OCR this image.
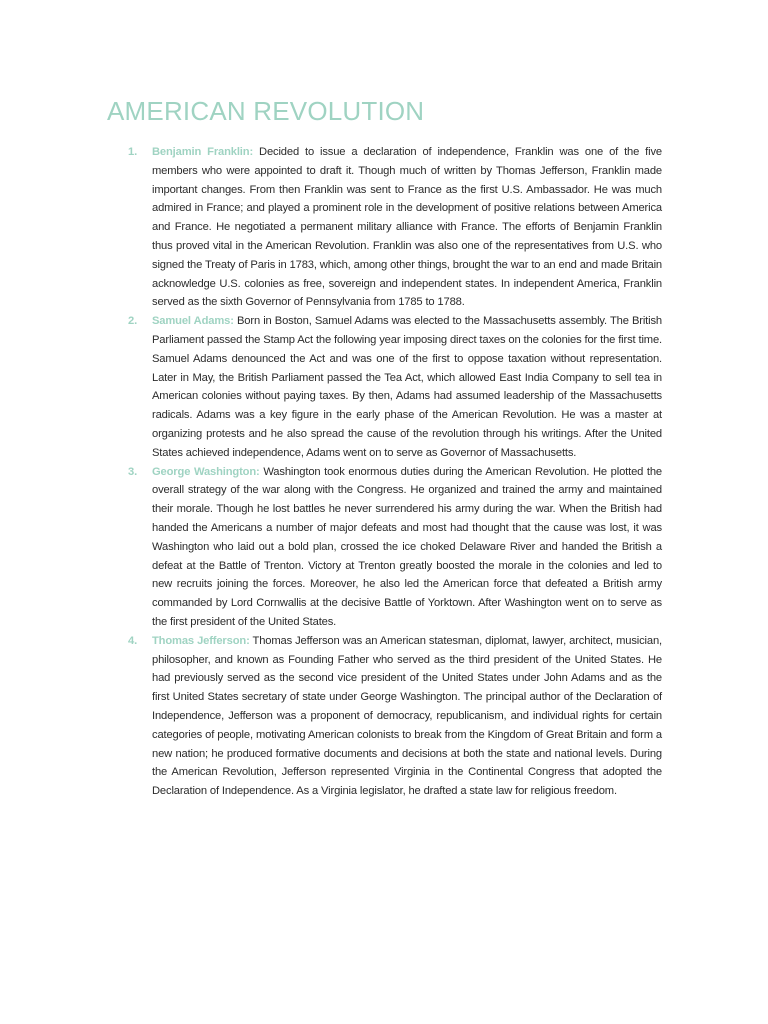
AMERICAN REVOLUTION
1. Benjamin Franklin: Decided to issue a declaration of independence, Franklin was one of the five members who were appointed to draft it. Though much of written by Thomas Jefferson, Franklin made important changes. From then Franklin was sent to France as the first U.S. Ambassador. He was much admired in France; and played a prominent role in the development of positive relations between America and France. He negotiated a permanent military alliance with France. The efforts of Benjamin Franklin thus proved vital in the American Revolution. Franklin was also one of the representatives from U.S. who signed the Treaty of Paris in 1783, which, among other things, brought the war to an end and made Britain acknowledge U.S. colonies as free, sovereign and independent states. In independent America, Franklin served as the sixth Governor of Pennsylvania from 1785 to 1788.
2. Samuel Adams: Born in Boston, Samuel Adams was elected to the Massachusetts assembly. The British Parliament passed the Stamp Act the following year imposing direct taxes on the colonies for the first time. Samuel Adams denounced the Act and was one of the first to oppose taxation without representation. Later in May, the British Parliament passed the Tea Act, which allowed East India Company to sell tea in American colonies without paying taxes. By then, Adams had assumed leadership of the Massachusetts radicals. Adams was a key figure in the early phase of the American Revolution. He was a master at organizing protests and he also spread the cause of the revolution through his writings. After the United States achieved independence, Adams went on to serve as Governor of Massachusetts.
3. George Washington: Washington took enormous duties during the American Revolution. He plotted the overall strategy of the war along with the Congress. He organized and trained the army and maintained their morale. Though he lost battles he never surrendered his army during the war. When the British had handed the Americans a number of major defeats and most had thought that the cause was lost, it was Washington who laid out a bold plan, crossed the ice choked Delaware River and handed the British a defeat at the Battle of Trenton. Victory at Trenton greatly boosted the morale in the colonies and led to new recruits joining the forces. Moreover, he also led the American force that defeated a British army commanded by Lord Cornwallis at the decisive Battle of Yorktown. After Washington went on to serve as the first president of the United States.
4. Thomas Jefferson: Thomas Jefferson was an American statesman, diplomat, lawyer, architect, musician, philosopher, and known as Founding Father who served as the third president of the United States. He had previously served as the second vice president of the United States under John Adams and as the first United States secretary of state under George Washington. The principal author of the Declaration of Independence, Jefferson was a proponent of democracy, republicanism, and individual rights for certain categories of people, motivating American colonists to break from the Kingdom of Great Britain and form a new nation; he produced formative documents and decisions at both the state and national levels. During the American Revolution, Jefferson represented Virginia in the Continental Congress that adopted the Declaration of Independence. As a Virginia legislator, he drafted a state law for religious freedom.
